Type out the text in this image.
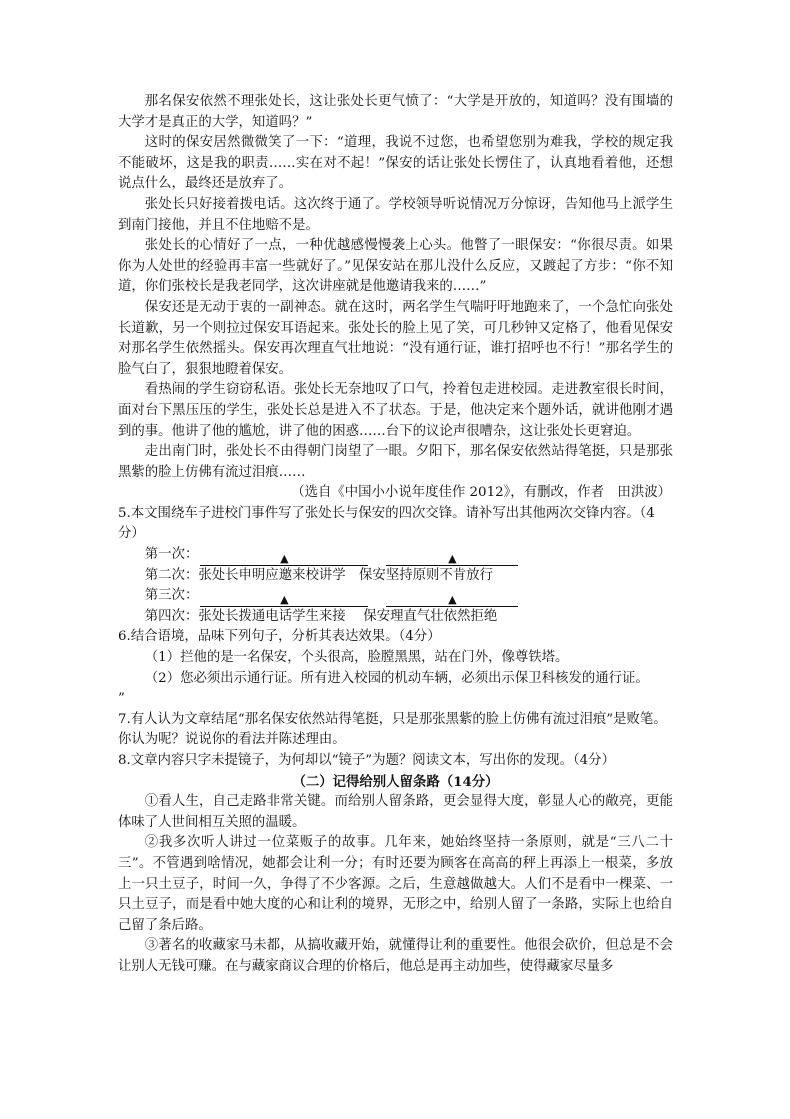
那名保安依然不理张处长，这让张处长更气愤了：“大学是开放的，知道吗？没有围墙的大学才是真正的大学，知道吗？”

这时的保安居然微微笑了一下：“道理，我说不过您，也希望您别为难我，学校的规定我不能破坏，这是我的职责……实在对不起！”保安的话让张处长愣住了，认真地看着他，还想说点什么，最终还是放弃了。

张处长只好接着拨电话。这次终于通了。学校领导听说情况万分惊讶，告知他马上派学生到南门接他，并且不住地赔不是。

张处长的心情好了一点，一种优越感慢慢袭上心头。他瞥了一眼保安：“你很尽责。如果你为人处世的经验再丰富一些就好了。”见保安站在那儿没什么反应，又踱起了方步：“你不知道，你们张校长是我老同学，这次讲座就是他邀请我来的……”

保安还是无动于衷的一副神态。就在这时，两名学生气喘吁吁地跑来了，一个急忙向张处长道歉，另一个则拉过保安耳语起来。张处长的脸上见了笑，可几秒钟又定格了，他看见保安对那名学生依然摇头。保安再次理直气壮地说：“没有通行证，谁打招呼也不行！”那名学生的脸气白了，狠狠地瞪着保安。

看热闹的学生窃窃私语。张处长无奈地叹了口气，拎着包走进校园。走进教室很长时间，面对台下黑压压的学生，张处长总是进入不了状态。于是，他决定来个题外话，就讲他刚才遇到的事。他讲了他的尴尬，讲了他的困惑……台下的议论声很嘈杂，这让张处长更窘迫。

走出南门时，张处长不由得朝门岗望了一眼。夕阳下，那名保安依然站得笔挺，只是那张黑紫的脸上仿佛有流过泪痕……

（选自《中国小小说年度佳作 2012》，有删改，作者　田洪波）

5.本文围绕车子进校门事件写了张处长与保安的四次交锋。请补写出其他两次交锋内容。（4分）

第一次：	▲	▲

第二次：张处长申明应邀来校讲学　保安坚持原则不肯放行

第三次：	▲	▲

第四次：张处长拨通电话学生来接　 保安理直气壮依然拒绝

6.结合语境，品味下列句子，分析其表达效果。（4分）

（1）拦他的是一名保安，个头很高，脸膛黑黑，站在门外，像尊铁塔。

（2）您必须出示通行证。所有进入校园的机动车辆，必须出示保卫科核发的通行证。

”

7.有人认为文章结尾“那名保安依然站得笔挺，只是那张黑紫的脸上仿佛有流过泪痕”是败笔。你认为呢？说说你的看法并陈述理由。

8.文章内容只字未提镜子，为何却以“镜子”为题？阅读文本，写出你的发现。（4分）

（二）记得给别人留条路（14分）

①看人生，自己走路非常关键。而给别人留条路，更会显得大度，彰显人心的敞亮，更能体味了人世间相互关照的温暖。

②我多次听人讲过一位菜贩子的故事。几年来，她始终坚持一条原则，就是“三八二十三”。不管遇到啥情况，她都会让利一分；有时还要为顾客在高高的秤上再添上一根菜，多放上一只土豆子，时间一久，争得了不少客源。之后，生意越做越大。人们不是看中一棵菜、一只土豆子，而是看中她大度的心和让利的境界，无形之中，给别人留了一条路，实际上也给自己留了条后路。

③著名的收藏家马未都，从搞收藏开始，就懂得让利的重要性。他很会砍价，但总是不会让别人无钱可赚。在与藏家商议合理的价格后，他总是再主动加些，使得藏家尽量多
